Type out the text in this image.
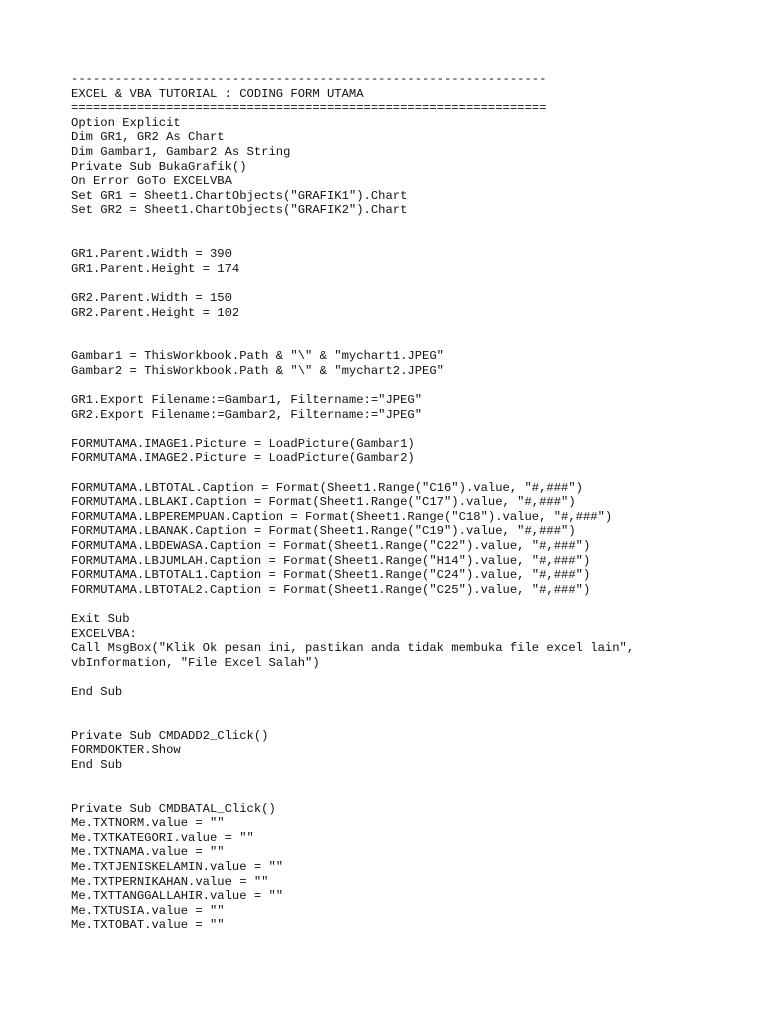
-----------------------------------------------------------------
EXCEL & VBA TUTORIAL : CODING FORM UTAMA
=================================================================
Option Explicit
Dim GR1, GR2 As Chart
Dim Gambar1, Gambar2 As String
Private Sub BukaGrafik()
On Error GoTo EXCELVBA
Set GR1 = Sheet1.ChartObjects("GRAFIK1").Chart
Set GR2 = Sheet1.ChartObjects("GRAFIK2").Chart
GR1.Parent.Width = 390
GR1.Parent.Height = 174
GR2.Parent.Width = 150
GR2.Parent.Height = 102
Gambar1 = ThisWorkbook.Path & "\" & "mychart1.JPEG"
Gambar2 = ThisWorkbook.Path & "\" & "mychart2.JPEG"
GR1.Export Filename:=Gambar1, Filtername:="JPEG"
GR2.Export Filename:=Gambar2, Filtername:="JPEG"
FORMUTAMA.IMAGE1.Picture = LoadPicture(Gambar1)
FORMUTAMA.IMAGE2.Picture = LoadPicture(Gambar2)
FORMUTAMA.LBTOTAL.Caption = Format(Sheet1.Range("C16").value, "#,###")
FORMUTAMA.LBLAKI.Caption = Format(Sheet1.Range("C17").value, "#,###")
FORMUTAMA.LBPEREMPUAN.Caption = Format(Sheet1.Range("C18").value, "#,###")
FORMUTAMA.LBANAK.Caption = Format(Sheet1.Range("C19").value, "#,###")
FORMUTAMA.LBDEWASA.Caption = Format(Sheet1.Range("C22").value, "#,###")
FORMUTAMA.LBJUMLAH.Caption = Format(Sheet1.Range("H14").value, "#,###")
FORMUTAMA.LBTOTAL1.Caption = Format(Sheet1.Range("C24").value, "#,###")
FORMUTAMA.LBTOTAL2.Caption = Format(Sheet1.Range("C25").value, "#,###")
Exit Sub
EXCELVBA:
Call MsgBox("Klik Ok pesan ini, pastikan anda tidak membuka file excel lain",
vbInformation, "File Excel Salah")
End Sub
Private Sub CMDADD2_Click()
FORMDOKTER.Show
End Sub
Private Sub CMDBATAL_Click()
Me.TXTNORM.value = ""
Me.TXTKATEGORI.value = ""
Me.TXTNAMA.value = ""
Me.TXTJENISKELAMIN.value = ""
Me.TXTPERNIKAHAN.value = ""
Me.TXTTANGGALLAHIR.value = ""
Me.TXTUSIA.value = ""
Me.TXTOBAT.value = ""
